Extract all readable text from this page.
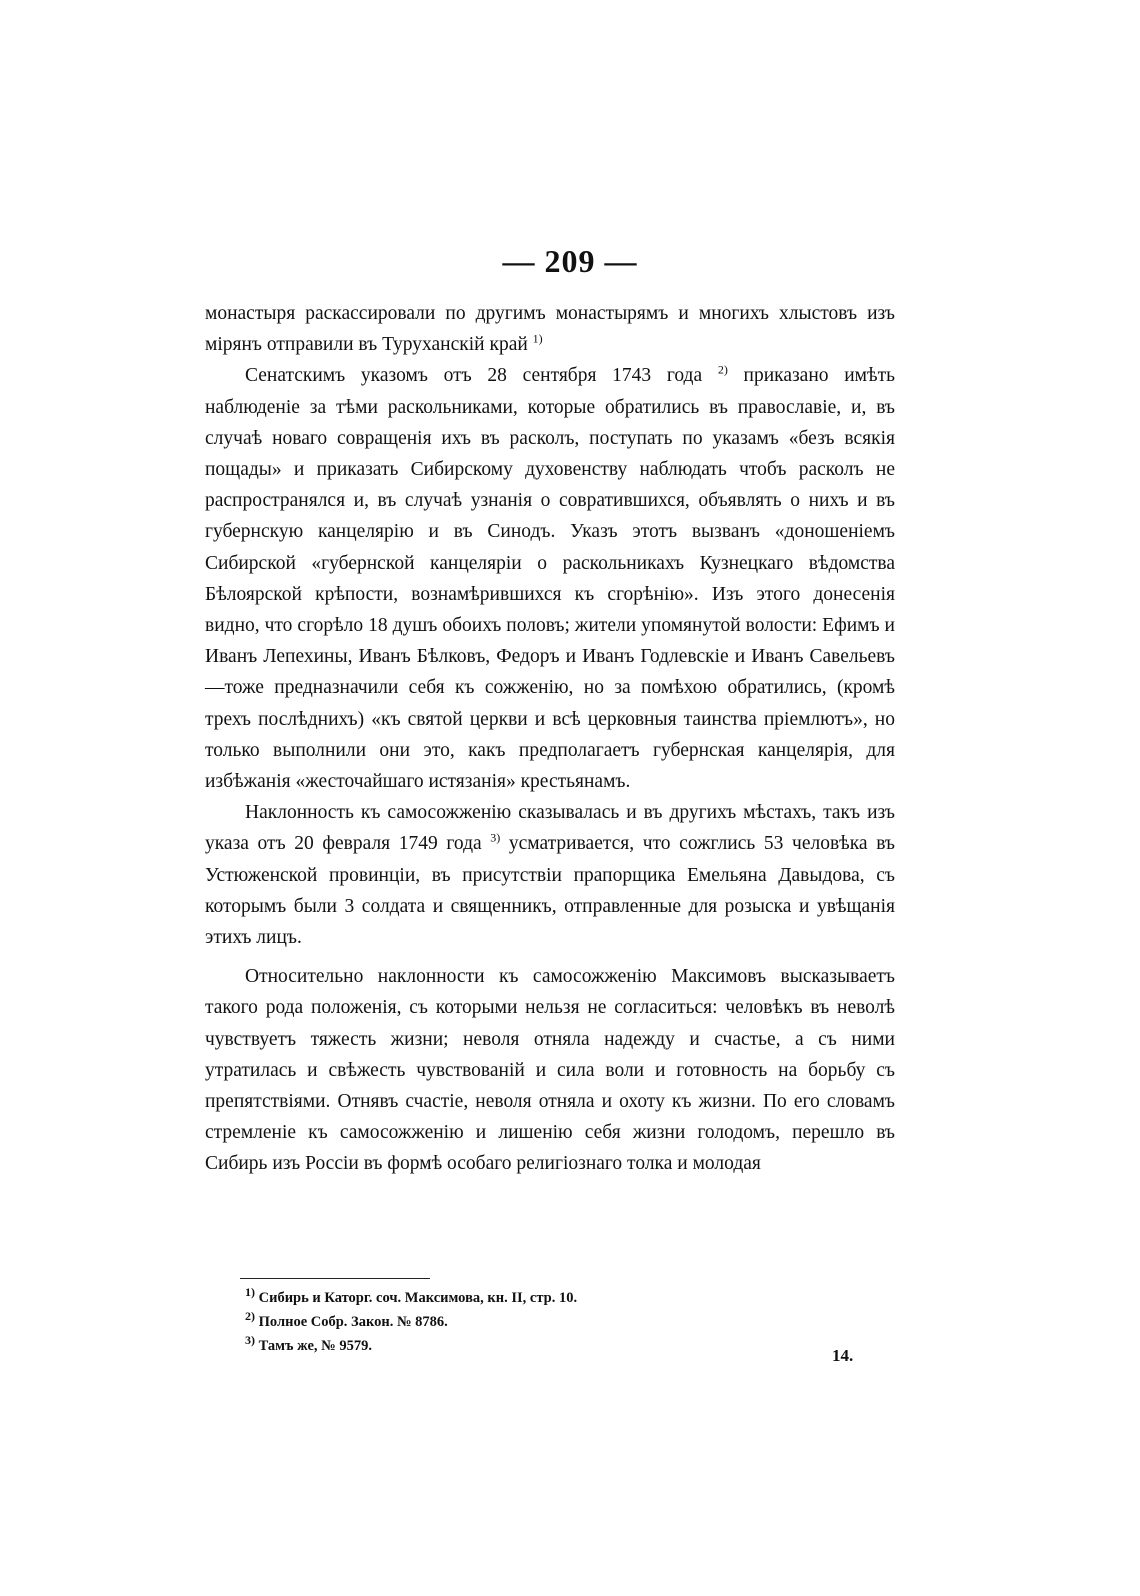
— 209 —

монастыря раскассировали по другимъ монастырямъ и многихъ хлыстовъ изъ мiрянъ отправили въ Туруханскiй край $^{1)}$

Сенатскимъ указомъ отъ 28 сентября 1743 года $^{2)}$ приказано имѣть наблюденiе за тѣми раскольниками, которые обратились въ православiе, и, въ случаѣ новаго совращенiя ихъ въ расколъ, поступать по указамъ «безъ всякiя пощады» и приказать Сибирскому духовенству наблюдать чтобъ расколъ не распространялся и, въ случаѣ узнанiя о совратившихся, объявлять о нихъ и въ губернскую канцелярiю и въ Синодъ. Указъ этотъ вызванъ «доношенiемъ Сибирской «губернской канцелярiи о раскольникахъ Кузнецкаго вѣдомства Бѣлоярской крѣпости, вознамѣрившихся къ сгорѣнiю». Изъ этого донесенiя видно, что сгорѣло 18 душъ обоихъ половъ; жители упомянутой волости: Ефимъ и Иванъ Лепехины, Иванъ Бѣлковъ, Федоръ и Иванъ Годлевскiе и Иванъ Савельевъ—тоже предназначили себя къ сожженiю, но за помѣхою обратились, (кромѣ трехъ послѣднихъ) «къ святой церкви и всѣ церковныя таинства прiемлютъ», но только выполнили они это, какъ предполагаетъ губернская канцелярiя, для избѣжанiя «жесточайшаго истязанiя» крестьянамъ.

Наклонность къ самосожженiю сказывалась и въ другихъ мѣстахъ, такъ изъ указа отъ 20 февраля 1749 года $^{3)}$ усматривается, что сожглись 53 человѣка въ Устюженской провинцiи, въ присутствiи прапорщика Емельяна Давыдова, съ которымъ были 3 солдата и священникъ, отправленные для розыска и увѣщанiя этихъ лицъ.

Относительно наклонности къ самосожженiю Максимовъ высказываетъ такого рода положенiя, съ которыми нельзя не согласиться: человѣкъ въ неволѣ чувствуетъ тяжесть жизни; неволя отняла надежду и счастье, а съ ними утратилась и свѣжесть чувствованiй и сила воли и готовность на борьбу съ препятствiями. Отнявъ счастiе, неволя отняла и охоту къ жизни. По его словамъ стремленiе къ самосожженiю и лишенiю себя жизни голодомъ, перешло въ Сибирь изъ Россiи въ формѣ особаго религiознаго толка и молодая

$^{1)}$ Сибирь и Каторг. соч. Максимова, кн. II, стр. 10.
$^{2)}$ Полное Собр. Закон. № 8786.
$^{3)}$ Тамъ же, № 9579.	14.
